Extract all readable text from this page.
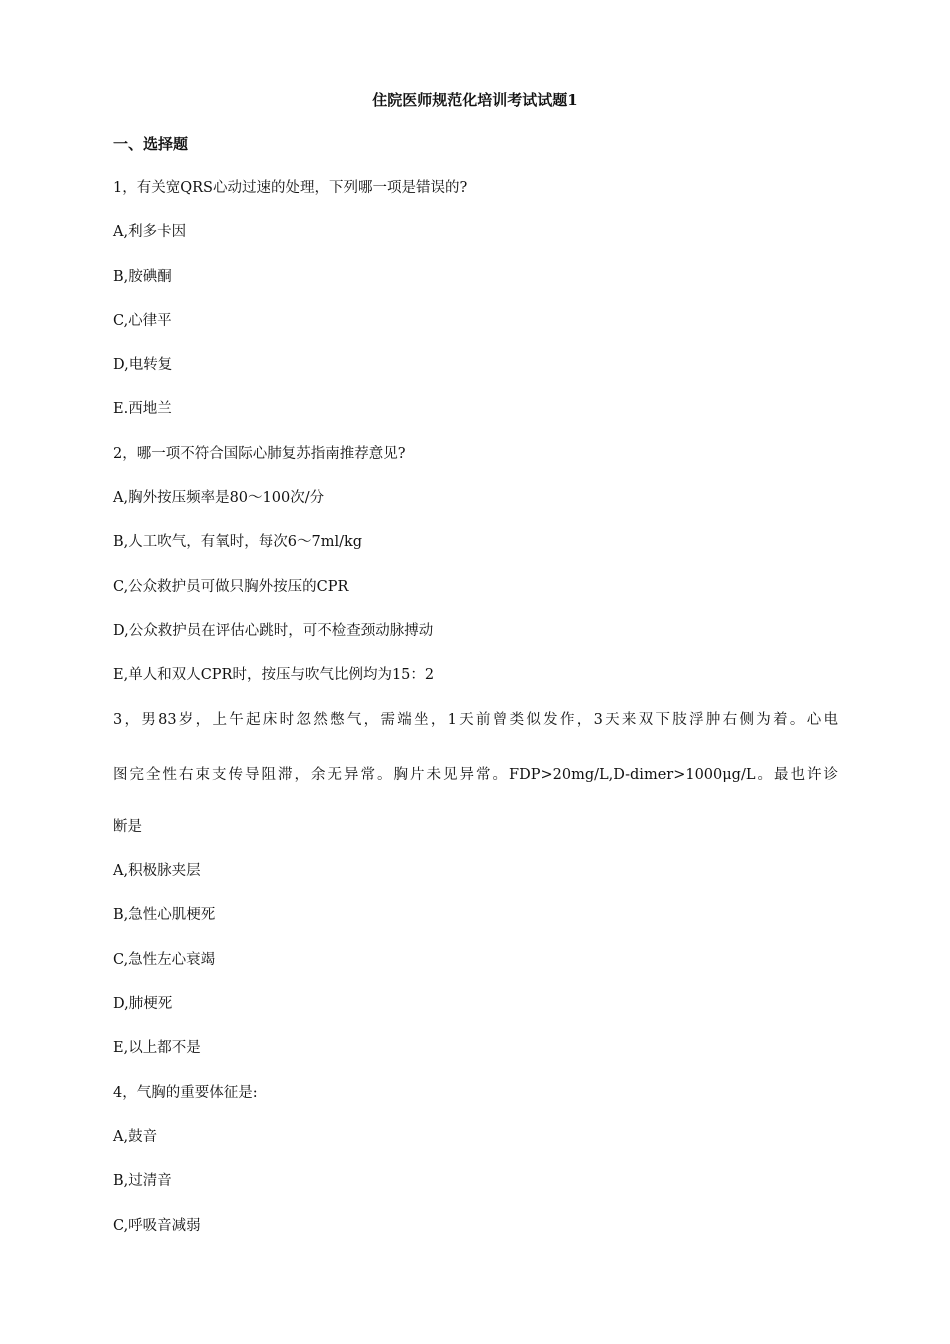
住院医师规范化培训考试试题1
一、选择题
1，有关宽QRS心动过速的处理，下列哪一项是错误的?
A,利多卡因
B,胺碘酮
C,心律平
D,电转复
E.西地兰
2，哪一项不符合国际心肺复苏指南推荐意见?
A,胸外按压频率是80～100次/分
B,人工吹气，有氧时，每次6～7ml/kg
C,公众救护员可做只胸外按压的CPR
D,公众救护员在评估心跳时，可不检查颈动脉搏动
E,单人和双人CPR时，按压与吹气比例均为15：2
3，男83岁，上午起床时忽然憋气，需端坐，1天前曾类似发作，3天来双下肢浮肿右侧为着。心电
图完全性右束支传导阻滞，余无异常。胸片未见异常。FDP>20mg/L,D-dimer>1000μg/L。最也许诊
断是
A,积极脉夹层
B,急性心肌梗死
C,急性左心衰竭
D,肺梗死
E,以上都不是
4，气胸的重要体征是:
A,鼓音
B,过清音
C,呼吸音减弱
